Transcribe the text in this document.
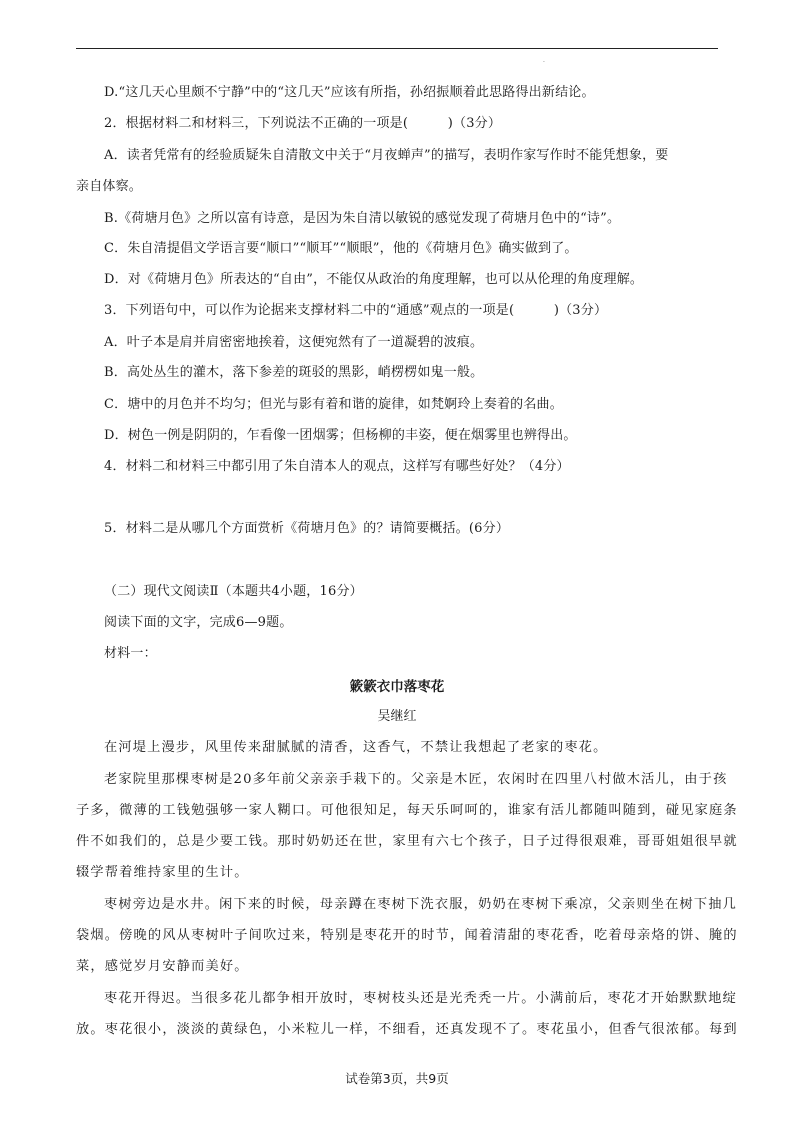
.
D.“这几天心里颇不宁静”中的“这几天”应该有所指，孙绍振顺着此思路得出新结论。
2．根据材料二和材料三，下列说法不正确的一项是(　　　)（3分）
A．读者凭常有的经验质疑朱自清散文中关于“月夜蝉声”的描写，表明作家写作时不能凭想象，要
亲自体察。
B.《荷塘月色》之所以富有诗意，是因为朱自清以敏锐的感觉发现了荷塘月色中的“诗”。
C．朱自清提倡文学语言要“顺口”“顺耳”“顺眼”，他的《荷塘月色》确实做到了。
D．对《荷塘月色》所表达的“自由”，不能仅从政治的角度理解，也可以从伦理的角度理解。
3．下列语句中，可以作为论据来支撑材料二中的“通感”观点的一项是(　　　)（3分）
A．叶子本是肩并肩密密地挨着，这便宛然有了一道凝碧的波痕。
B．高处丛生的灌木，落下参差的斑驳的黑影，峭楞楞如鬼一般。
C．塘中的月色并不均匀；但光与影有着和谐的旋律，如梵婀玲上奏着的名曲。
D．树色一例是阴阴的，乍看像一团烟雾；但杨柳的丰姿，便在烟雾里也辨得出。
4．材料二和材料三中都引用了朱自清本人的观点，这样写有哪些好处？（4分）
5．材料二是从哪几个方面赏析《荷塘月色》的？请简要概括。(6分）
（二）现代文阅读Ⅱ（本题共4小题，16分）
阅读下面的文字，完成6—9题。
材料一：
簌簌衣巾落枣花
吴继红
在河堤上漫步，风里传来甜腻腻的清香，这香气，不禁让我想起了老家的枣花。
老家院里那棵枣树是20多年前父亲亲手栽下的。父亲是木匠，农闲时在四里八村做木活儿，由于孩
子多，微薄的工钱勉强够一家人糊口。可他很知足，每天乐呵呵的，谁家有活儿都随叫随到，碰见家庭条
件不如我们的，总是少要工钱。那时奶奶还在世，家里有六七个孩子，日子过得很艰难，哥哥姐姐很早就
辍学帮着维持家里的生计。
枣树旁边是水井。闲下来的时候，母亲蹲在枣树下洗衣服，奶奶在枣树下乘凉，父亲则坐在树下抽几
袋烟。傍晚的风从枣树叶子间吹过来，特别是枣花开的时节，闻着清甜的枣花香，吃着母亲烙的饼、腌的
菜，感觉岁月安静而美好。
枣花开得迟。当很多花儿都争相开放时，枣树枝头还是光秃秃一片。小满前后，枣花才开始默默地绽
放。枣花很小，淡淡的黄绿色，小米粒儿一样，不细看，还真发现不了。枣花虽小，但香气很浓郁。每到
试卷第3页，共9页
